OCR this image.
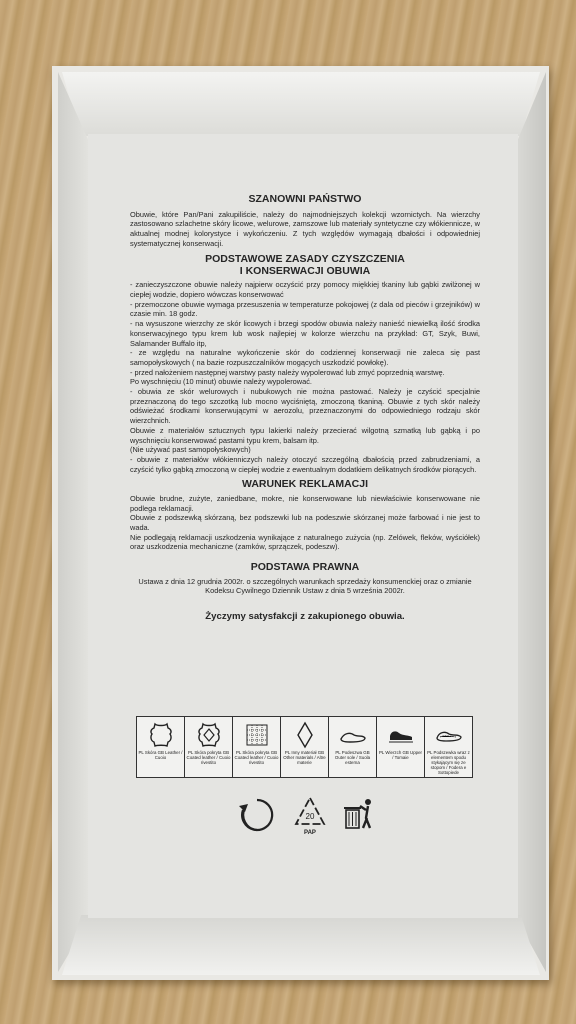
SZANOWNI PAŃSTWO

Obuwie, które Pan/Pani zakupiliście, należy do najmodniejszych kolekcji wzornictych. Na wierzchy zastosowano szlachetne skóry licowe, welurowe, zamszowe lub materiały syntetyczne czy włókiennicze, w aktualnej modnej kolorystyce i wykończeniu. Z tych względów wymagają dbałości i odpowiedniej systematycznej konserwacji.

PODSTAWOWE ZASADY CZYSZCZENIA

I KONSERWACJI OBUWIA

- zanieczyszczone obuwie należy najpierw oczyścić przy pomocy miękkiej tkaniny lub gąbki zwilżonej w ciepłej wodzie, dopiero wówczas konserwować

- przemoczone obuwie wymaga przesuszenia w temperaturze pokojowej (z dala od pieców i grzejników) w czasie min. 18 godz.

- na wysuszone wierzchy ze skór licowych i brzegi spodów obuwia należy nanieść niewielką ilość środka konserwacyjnego typu krem lub wosk najlepiej w kolorze wierzchu na przykład: GT, Szyk, Buwi, Salamander Buffalo itp,

- ze względu na naturalne wykończenie skór do codziennej konserwacji nie zaleca się past samopołyskowych ( na bazie rozpuszczalników mogących uszkodzić powłokę).

- przed nałożeniem następnej warstwy pasty należy wypolerować lub zmyć poprzednią warstwę.

Po wyschnięciu (10 minut) obuwie należy wypolerować.

- obuwia ze skór welurowych i nubukowych nie można pastować. Należy je czyścić specjalnie przeznaczoną do tego szczotką lub mocno wyciśniętą, zmoczoną tkaniną. Obuwie z tych skór należy odświeżać środkami konserwującymi w aerozolu, przeznaczonymi do odpowiedniego rodzaju skór wierzchnich.

Obuwie z materiałów sztucznych typu lakierki należy przecierać wilgotną szmatką lub gąbką i po wyschnięciu konserwować pastami typu krem, balsam itp.

(Nie używać past samopołyskowych)

- obuwie z materiałów włókienniczych należy otoczyć szczególną dbałością przed zabrudzeniami, a czyścić tylko gąbką zmoczoną w ciepłej wodzie z ewentualnym dodatkiem delikatnych środków piorących.

WARUNEK REKLAMACJI

Obuwie brudne, zużyte, zaniedbane, mokre, nie konserwowane lub niewłaściwie konserwowane nie podlega reklamacji.

Obuwie z podszewką skórzaną, bez podszewki lub na podeszwie skórzanej może farbować i nie jest to wada.

Nie podlegają reklamacji uszkodzenia wynikające z naturalnego zużycia (np. Zelówek, fleków, wyściółek) oraz uszkodzenia mechaniczne (zamków, sprzączek, podeszw).

PODSTAWA PRAWNA

Ustawa z dnia 12 grudnia 2002r. o szczególnych warunkach sprzedaży konsumenckiej oraz o zmianie Kodeksu Cywilnego Dziennik Ustaw z dnia 5 września 2002r.

Życzymy satysfakcji z zakupionego obuwia.

PL Skóra GB Leather / Cuoio
PL Skóra pokryta GB Coated leather / Cuoio rivestito
PL Skóra pokryta GB Coated leather / Cuoio rivestito
PL Inny materiał GB Other materials / Altre materie
PL Podeszwa GB Outer sole / Suola esterna
PL Wierzch GB Upper / Tomaie
PL Podszewka wraz z elementem spodu stykającym się ze stopom / Fodera e Sottopiede
20
PAP
